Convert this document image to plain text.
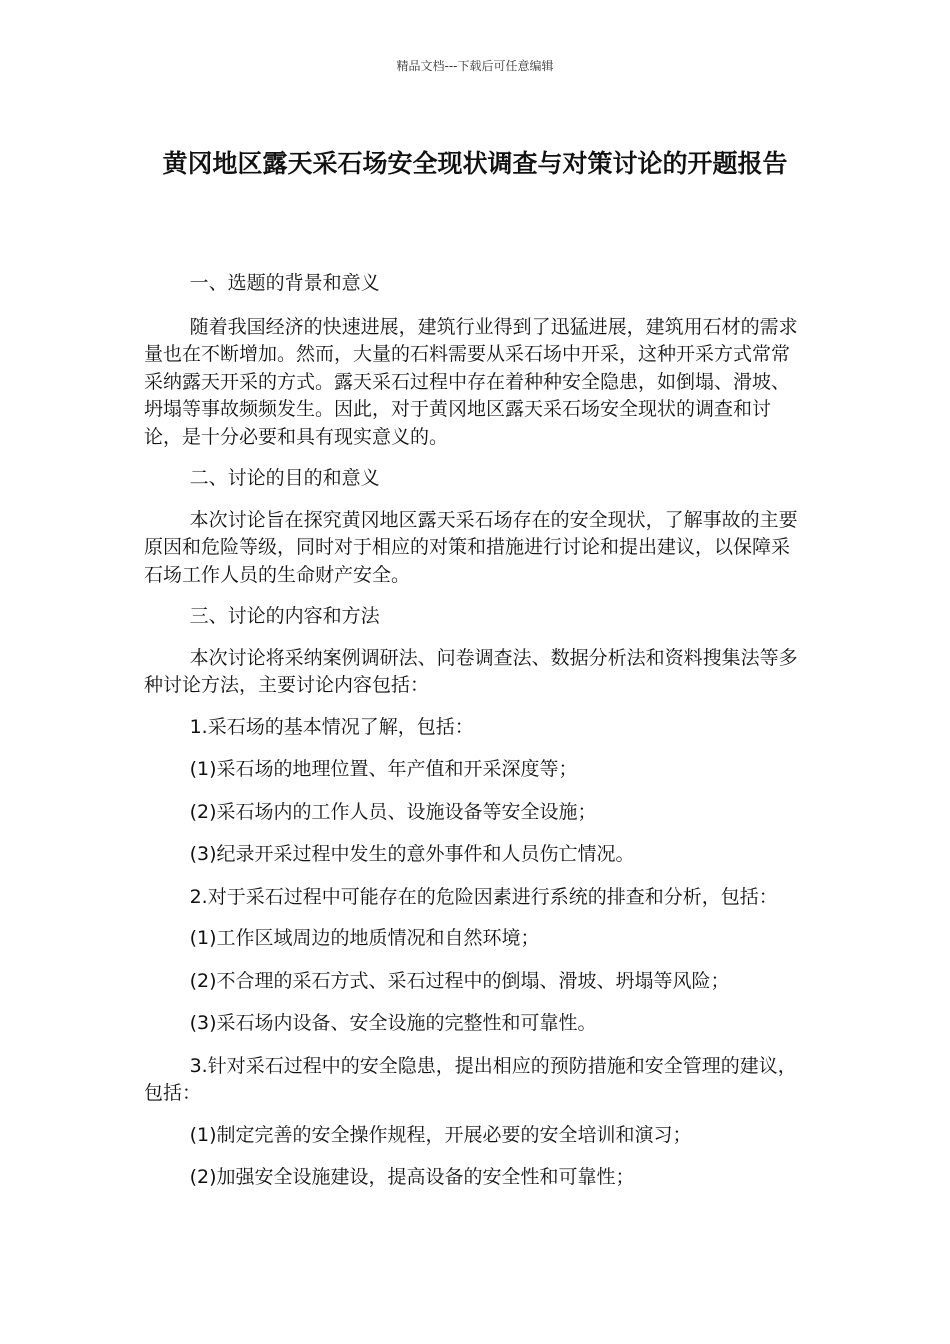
精品文档---下载后可任意编辑
黄冈地区露天采石场安全现状调查与对策讨论的开题报告

一、选题的背景和意义

随着我国经济的快速进展，建筑行业得到了迅猛进展，建筑用石材的需求量也在不断增加。然而，大量的石料需要从采石场中开采，这种开采方式常常采纳露天开采的方式。露天采石过程中存在着种种安全隐患，如倒塌、滑坡、坍塌等事故频频发生。因此，对于黄冈地区露天采石场安全现状的调查和讨论，是十分必要和具有现实意义的。

二、讨论的目的和意义

本次讨论旨在探究黄冈地区露天采石场存在的安全现状，了解事故的主要原因和危险等级，同时对于相应的对策和措施进行讨论和提出建议，以保障采石场工作人员的生命财产安全。

三、讨论的内容和方法

本次讨论将采纳案例调研法、问卷调查法、数据分析法和资料搜集法等多种讨论方法，主要讨论内容包括：

1.采石场的基本情况了解，包括：

(1)采石场的地理位置、年产值和开采深度等；

(2)采石场内的工作人员、设施设备等安全设施；

(3)纪录开采过程中发生的意外事件和人员伤亡情况。

2.对于采石过程中可能存在的危险因素进行系统的排查和分析，包括：

(1)工作区域周边的地质情况和自然环境；

(2)不合理的采石方式、采石过程中的倒塌、滑坡、坍塌等风险；

(3)采石场内设备、安全设施的完整性和可靠性。

3.针对采石过程中的安全隐患，提出相应的预防措施和安全管理的建议，包括：

(1)制定完善的安全操作规程，开展必要的安全培训和演习；

(2)加强安全设施建设，提高设备的安全性和可靠性；
